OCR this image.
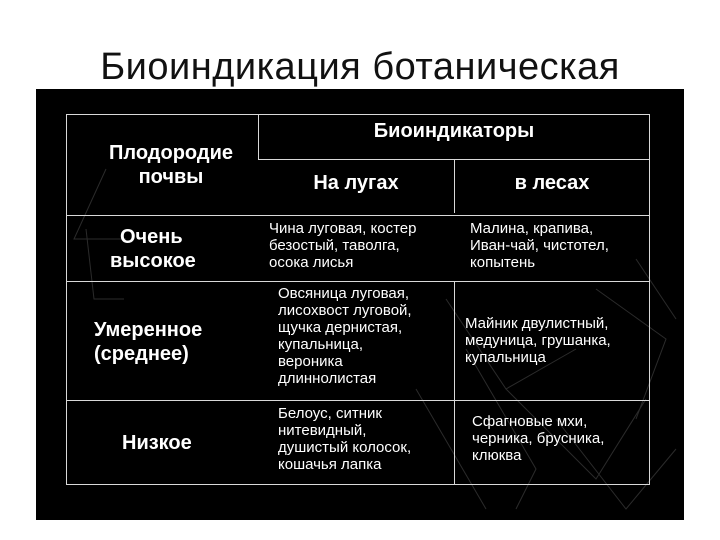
Биоиндикация ботаническая
Плодородие
почвы
Биоиндикаторы
На лугах	в лесах
Очень
высокое
Чина луговая, костер
безостый, таволга,
осока лисья
Малина, крапива,
Иван-чай, чистотел,
копытень
Умеренное
(среднее)
Овсяница луговая,
лисохвост луговой,
щучка дернистая,
купальница,
вероника
длиннолистая
Майник двулистный,
медуница, грушанка,
купальница
Низкое
Белоус, ситник
нитевидный,
душистый колосок,
кошачья лапка
Сфагновые мхи,
черника, брусника,
клюква
